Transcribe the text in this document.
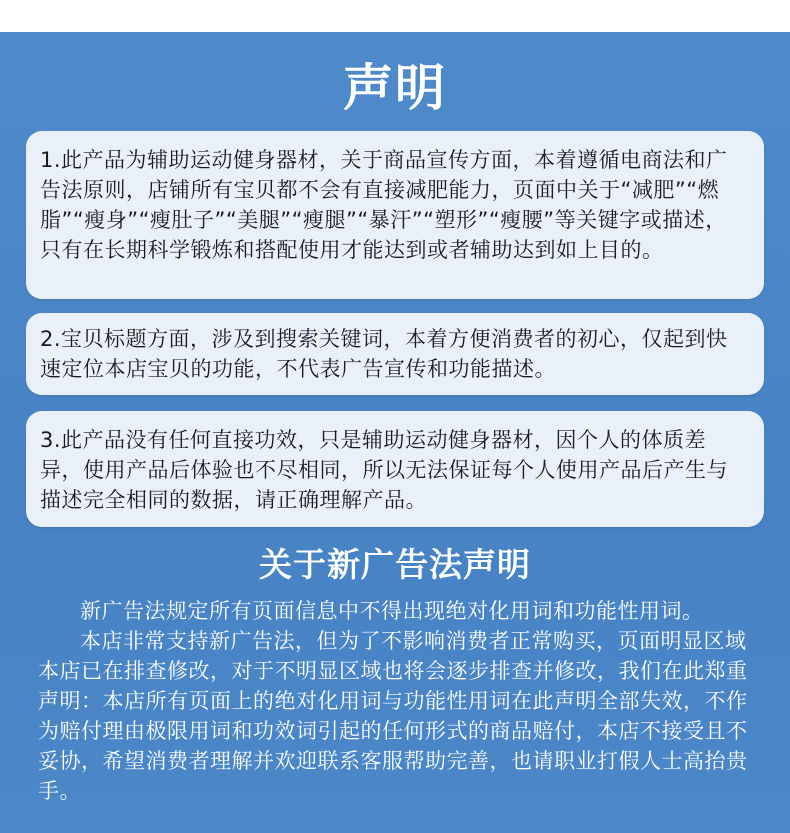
声明

1.此产品为辅助运动健身器材，关于商品宣传方面，本着遵循电商法和广告法原则，店铺所有宝贝都不会有直接减肥能力，页面中关于“减肥”“燃脂”“瘦身”“瘦肚子”“美腿”“瘦腿”“暴汗”“塑形”“瘦腰”等关键字或描述，只有在长期科学锻炼和搭配使用才能达到或者辅助达到如上目的。

2.宝贝标题方面，涉及到搜索关键词，本着方便消费者的初心，仅起到快速定位本店宝贝的功能，不代表广告宣传和功能描述。

3.此产品没有任何直接功效，只是辅助运动健身器材，因个人的体质差异，使用产品后体验也不尽相同，所以无法保证每个人使用产品后产生与描述完全相同的数据，请正确理解产品。

关于新广告法声明

新广告法规定所有页面信息中不得出现绝对化用词和功能性用词。

本店非常支持新广告法，但为了不影响消费者正常购买，页面明显区域本店已在排查修改，对于不明显区域也将会逐步排查并修改，我们在此郑重声明：本店所有页面上的绝对化用词与功能性用词在此声明全部失效，不作为赔付理由极限用词和功效词引起的任何形式的商品赔付，本店不接受且不妥协，希望消费者理解并欢迎联系客服帮助完善，也请职业打假人士高抬贵手。
